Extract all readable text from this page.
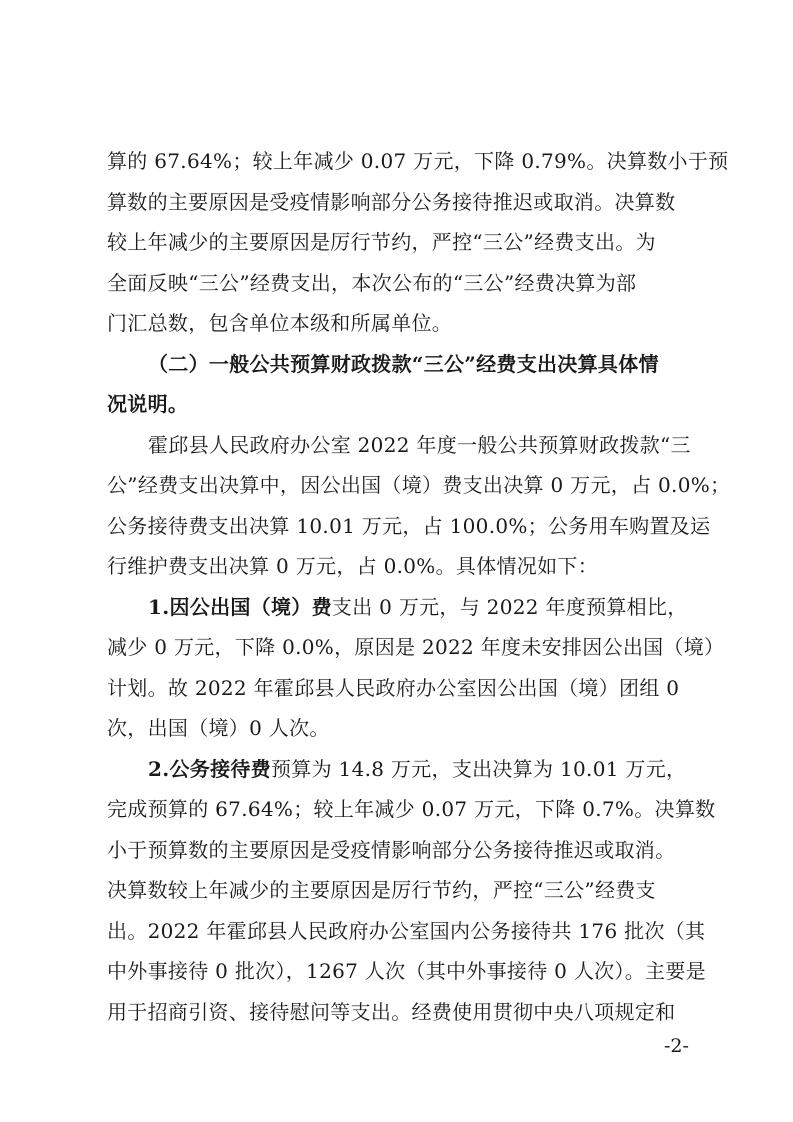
算的 67.64%；较上年减少 0.07 万元，下降 0.79%。决算数小于预
算数的主要原因是受疫情影响部分公务接待推迟或取消。决算数
较上年减少的主要原因是厉行节约，严控“三公”经费支出。为
全面反映“三公”经费支出，本次公布的“三公”经费决算为部
门汇总数，包含单位本级和所属单位。
（二）一般公共预算财政拨款“三公”经费支出决算具体情
况说明。
霍邱县人民政府办公室 2022 年度一般公共预算财政拨款“三
公”经费支出决算中，因公出国（境）费支出决算 0 万元，占 0.0%；
公务接待费支出决算 10.01 万元，占 100.0%；公务用车购置及运
行维护费支出决算 0 万元，占 0.0%。具体情况如下：
1.因公出国（境）费支出 0 万元，与 2022 年度预算相比，
减少 0 万元，下降 0.0%，原因是 2022 年度未安排因公出国（境）
计划。故 2022 年霍邱县人民政府办公室因公出国（境）团组 0
次，出国（境）0 人次。
2.公务接待费预算为 14.8 万元，支出决算为 10.01 万元，
完成预算的 67.64%；较上年减少 0.07 万元，下降 0.7%。决算数
小于预算数的主要原因是受疫情影响部分公务接待推迟或取消。
决算数较上年减少的主要原因是厉行节约，严控“三公”经费支
出。2022 年霍邱县人民政府办公室国内公务接待共 176 批次（其
中外事接待 0 批次），1267 人次（其中外事接待 0 人次）。主要是
用于招商引资、接待慰问等支出。经费使用贯彻中央八项规定和
-2-
